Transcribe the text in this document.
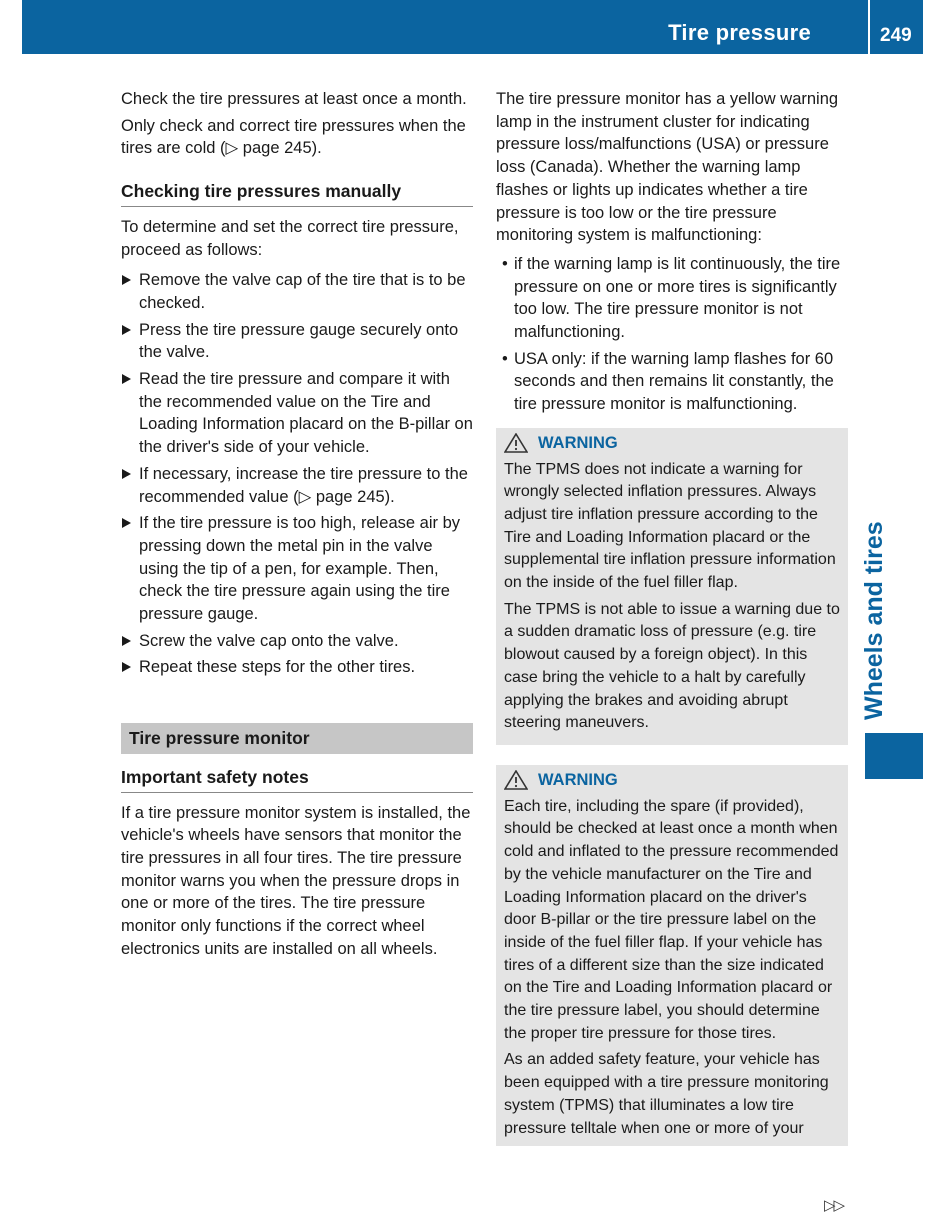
Tire pressure	249

Check the tire pressures at least once a month.

Only check and correct tire pressures when the tires are cold (▷ page 245).

Checking tire pressures manually

To determine and set the correct tire pressure, proceed as follows:

Remove the valve cap of the tire that is to be checked.
Press the tire pressure gauge securely onto the valve.
Read the tire pressure and compare it with the recommended value on the Tire and Loading Information placard on the B-pillar on the driver's side of your vehicle.
If necessary, increase the tire pressure to the recommended value (▷ page 245).
If the tire pressure is too high, release air by pressing down the metal pin in the valve using the tip of a pen, for example. Then, check the tire pressure again using the tire pressure gauge.
Screw the valve cap onto the valve.
Repeat these steps for the other tires.
Tire pressure monitor
Important safety notes

If a tire pressure monitor system is installed, the vehicle's wheels have sensors that monitor the tire pressures in all four tires. The tire pressure monitor warns you when the pressure drops in one or more of the tires. The tire pressure monitor only functions if the correct wheel electronics units are installed on all wheels.

The tire pressure monitor has a yellow warning lamp in the instrument cluster for indicating pressure loss/malfunctions (USA) or pressure loss (Canada). Whether the warning lamp flashes or lights up indicates whether a tire pressure is too low or the tire pressure monitoring system is malfunctioning:

• if the warning lamp is lit continuously, the tire pressure on one or more tires is significantly too low. The tire pressure monitor is not malfunctioning.
• USA only: if the warning lamp flashes for 60 seconds and then remains lit constantly, the tire pressure monitor is malfunctioning.
WARNING

The TPMS does not indicate a warning for wrongly selected inflation pressures. Always adjust tire inflation pressure according to the Tire and Loading Information placard or the supplemental tire inflation pressure information on the inside of the fuel filler flap.

The TPMS is not able to issue a warning due to a sudden dramatic loss of pressure (e.g. tire blowout caused by a foreign object). In this case bring the vehicle to a halt by carefully applying the brakes and avoiding abrupt steering maneuvers.

WARNING

Each tire, including the spare (if provided), should be checked at least once a month when cold and inflated to the pressure recommended by the vehicle manufacturer on the Tire and Loading Information placard on the driver's door B-pillar or the tire pressure label on the inside of the fuel filler flap. If your vehicle has tires of a different size than the size indicated on the Tire and Loading Information placard or the tire pressure label, you should determine the proper tire pressure for those tires.

As an added safety feature, your vehicle has been equipped with a tire pressure monitoring system (TPMS) that illuminates a low tire pressure telltale when one or more of your

Wheels and tires
▷▷
